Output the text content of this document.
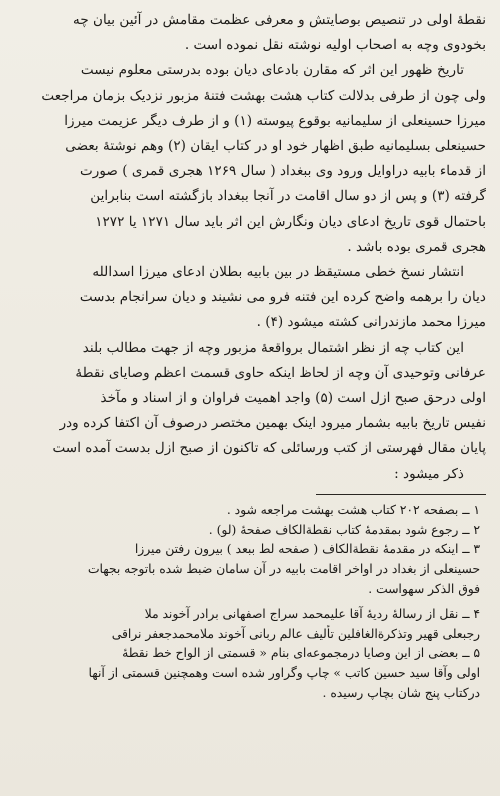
نقطهٔ اولی در تنصیص بوصایتش و معرفی عظمت مقامش در آئین بیان چه
بخودوی وچه به اصحاب اولیه نوشته نقل نموده است .
تاریخ ظهور این اثر که مقارن بادعای دیان بوده بدرستی معلوم نیست
ولی چون از طرفی بدلالت کتاب هشت بهشت فتنهٔ مزبور نزدیک بزمان مراجعت
میرزا حسینعلی از سلیمانیه بوقوع پیوسته (۱) و از طرف دیگر عزیمت میرزا
حسینعلی بسلیمانیه طبق اظهار خود او در کتاب ایقان (۲) وهم نوشتهٔ بعضی
از قدماء بابیه دراوایل ورود وی ببغداد ( سال ۱۲۶۹ هجری قمری ) صورت
گرفته (۳) و پس از دو سال اقامت در آنجا ببغداد بازگشته است بنابراین
باحتمال قوی تاریخ ادعای دیان ونگارش این اثر باید سال ۱۲۷۱ یا ۱۲۷۲
هجری قمری بوده باشد .
انتشار نسخ خطی مستیقظ در بین بابیه بطلان ادعای میرزا اسدالله
دیان را برهمه واضح کرده این فتنه فرو می نشیند و دیان سرانجام بدست
میرزا محمد مازندرانی کشته میشود (۴) .
این کتاب چه از نظر اشتمال برواقعهٔ مزبور وچه از جهت مطالب بلند
عرفانی وتوحیدی آن وچه از لحاظ اینکه حاوی قسمت اعظم وصایای نقطهٔ
اولی درحق صبح ازل است (۵) واجد اهمیت فراوان و از اسناد و مآخذ
نفیس تاریخ بابیه بشمار میرود اینک بهمین مختصر درصوف آن اکتفا کرده ودر
پایان مقال فهرستی از کتب ورسائلی که تاکنون از صبح ازل بدست آمده است
ذکر میشود :
۱ ــ بصفحه ۲۰۲ کتاب هشت بهشت مراجعه شود .
۲ ــ رجوع شود بمقدمهٔ کتاب نقطةالکاف صفحهٔ (لو) .
۳ ــ اینکه در مقدمهٔ نقطةالکاف ( صفحه لط ببعد ) بیرون رفتن میرزا
حسینعلی از بغداد در اواخر اقامت بابیه در آن سامان ضبط شده باتوجه بجهات
فوق الذکر سهواست .
۴ ــ نقل از رسالهٔ ردیهٔ آقا علیمحمد سراج اصفهانی برادر آخوند ملا
رجبعلی قهیر وتذکرةالغافلین تألیف عالم ربانی آخوند ملامحمدجعفر نراقی
۵ ــ بعضی از این وصایا درمجموعه‌ای بنام « قسمتی از الواح خط نقطهٔ
اولی وآقا سید حسین کاتب » چاپ وگراور شده است وهمچنین قسمتی از آنها
درکتاب پنج شان بچاپ رسیده .
